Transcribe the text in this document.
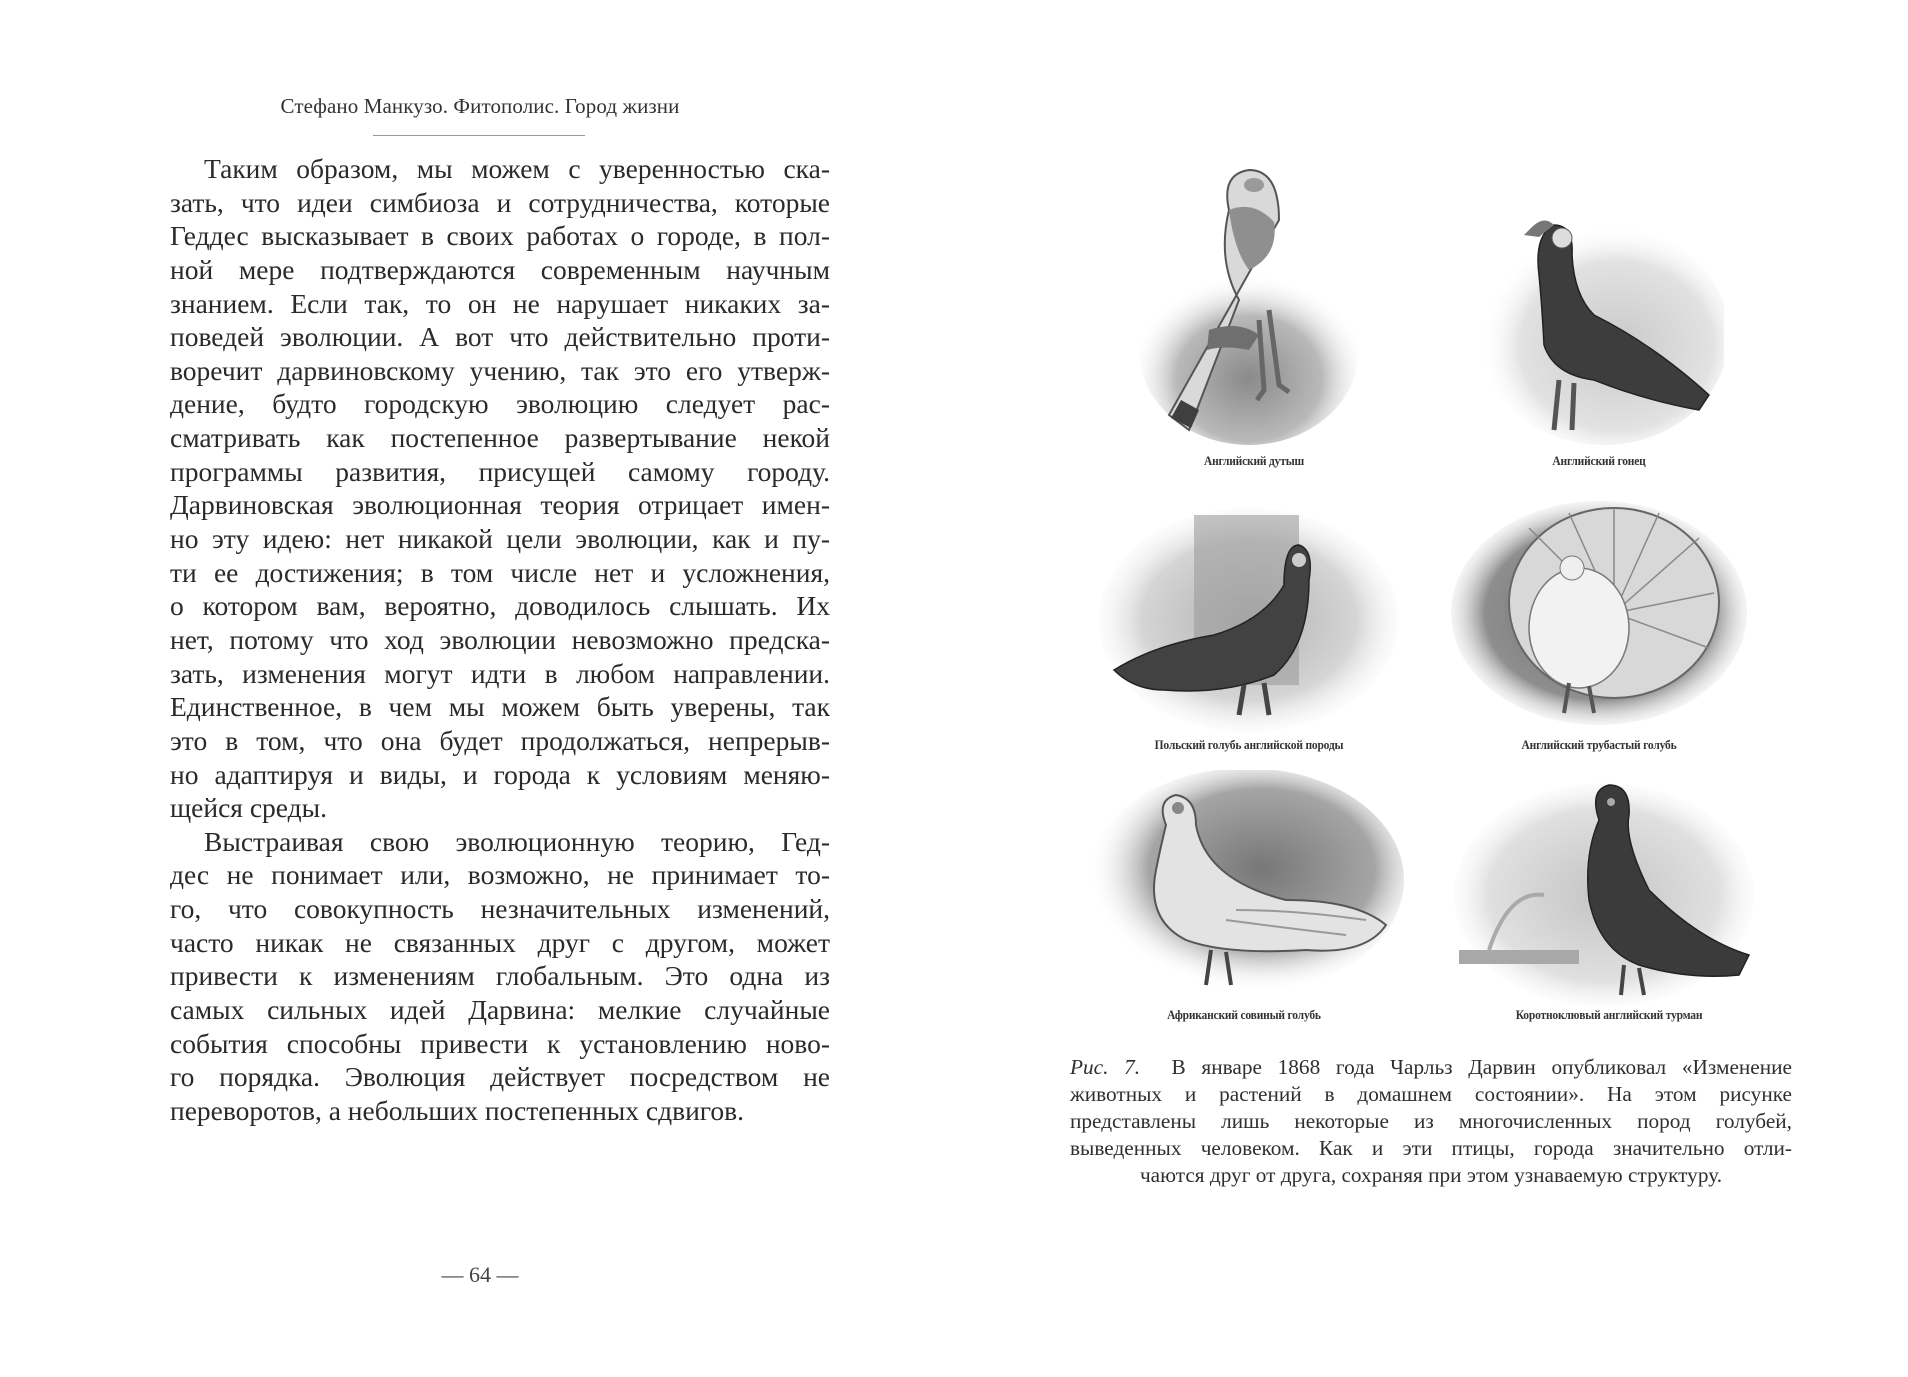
Стефано Манкузо. Фитополис. Город жизни
Таким образом, мы можем с уверенностью ска-
зать, что идеи симбиоза и сотрудничества, которые
Геддес высказывает в своих работах о городе, в пол-
ной мере подтверждаются современным научным
знанием. Если так, то он не нарушает никаких за-
поведей эволюции. А вот что действительно проти-
воречит дарвиновскому учению, так это его утверж-
дение, будто городскую эволюцию следует рас-
сматривать как постепенное развертывание некой
программы развития, присущей самому городу.
Дарвиновская эволюционная теория отрицает имен-
но эту идею: нет никакой цели эволюции, как и пу-
ти ее достижения; в том числе нет и усложнения,
о котором вам, вероятно, доводилось слышать. Их
нет, потому что ход эволюции невозможно предска-
зать, изменения могут идти в любом направлении.
Единственное, в чем мы можем быть уверены, так
это в том, что она будет продолжаться, непрерыв-
но адаптируя и виды, и города к условиям меняю-
щейся среды.
Выстраивая свою эволюционную теорию, Гед-
дес не понимает или, возможно, не принимает то-
го, что совокупность незначительных изменений,
часто никак не связанных друг с другом, может
привести к изменениям глобальным. Это одна из
самых сильных идей Дарвина: мелкие случайные
события способны привести к установлению ново-
го порядка. Эволюция действует посредством не
переворотов, а небольших постепенных сдвигов.
— 64 —
Английский дутыш	Английский гонец
Польский голубь английской породы	Английский трубастый голубь
Африканский совиный голубь	Коротноклювый английский турман
Рис. 7. В январе 1868 года Чарльз Дарвин опубликовал «Изменение
животных и растений в домашнем состоянии». На этом рисунке
представлены лишь некоторые из многочисленных пород голубей,
выведенных человеком. Как и эти птицы, города значительно отли-
чаются друг от друга, сохраняя при этом узнаваемую структуру.
